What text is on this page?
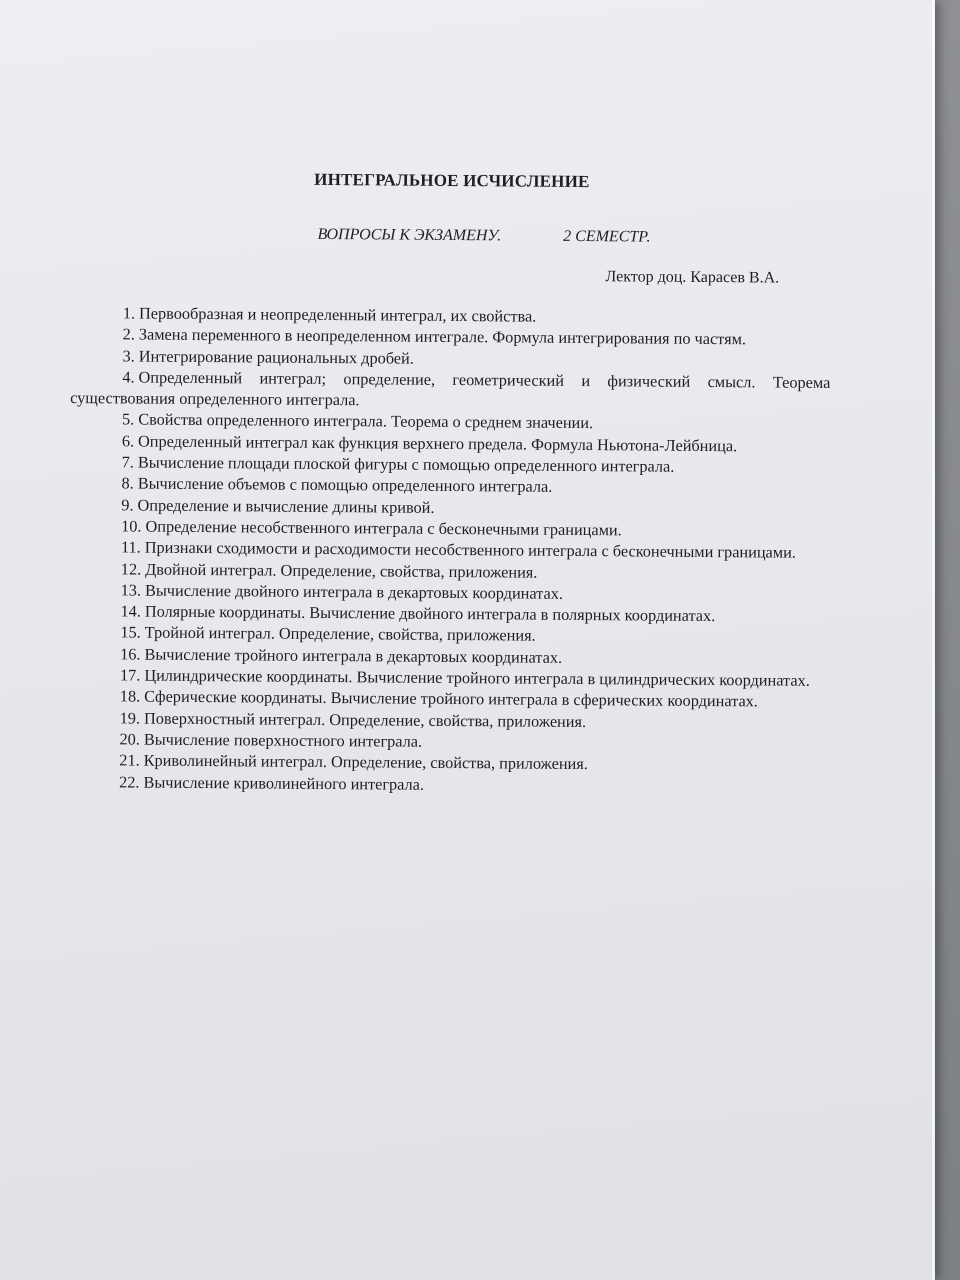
ИНТЕГРАЛЬНОЕ ИСЧИСЛЕНИЕ
ВОПРОСЫ К ЭКЗАМЕНУ.	2 СЕМЕСТР.
Лектор доц. Карасев В.А.
1. Первообразная и неопределенный интеграл, их свойства.
2. Замена переменного в неопределенном интеграле. Формула интегрирования по частям.
3. Интегрирование рациональных дробей.
4. Определенный интеграл; определение, геометрический и физический смысл. Теорема существования определенного интеграла.
5. Свойства определенного интеграла. Теорема о среднем значении.
6. Определенный интеграл как функция верхнего предела. Формула Ньютона-Лейбница.
7. Вычисление площади плоской фигуры с помощью определенного интеграла.
8. Вычисление объемов с помощью определенного интеграла.
9. Определение и вычисление длины кривой.
10. Определение несобственного интеграла с бесконечными границами.
11. Признаки сходимости и расходимости несобственного интеграла с бесконечными границами.
12. Двойной интеграл. Определение, свойства, приложения.
13. Вычисление двойного интеграла в декартовых координатах.
14. Полярные координаты. Вычисление двойного интеграла в полярных координатах.
15. Тройной интеграл. Определение, свойства, приложения.
16. Вычисление тройного интеграла в декартовых координатах.
17. Цилиндрические координаты. Вычисление тройного интеграла в цилиндрических координатах.
18. Сферические координаты. Вычисление тройного интеграла в сферических координатах.
19. Поверхностный интеграл. Определение, свойства, приложения.
20. Вычисление поверхностного интеграла.
21. Криволинейный интеграл. Определение, свойства, приложения.
22. Вычисление криволинейного интеграла.
